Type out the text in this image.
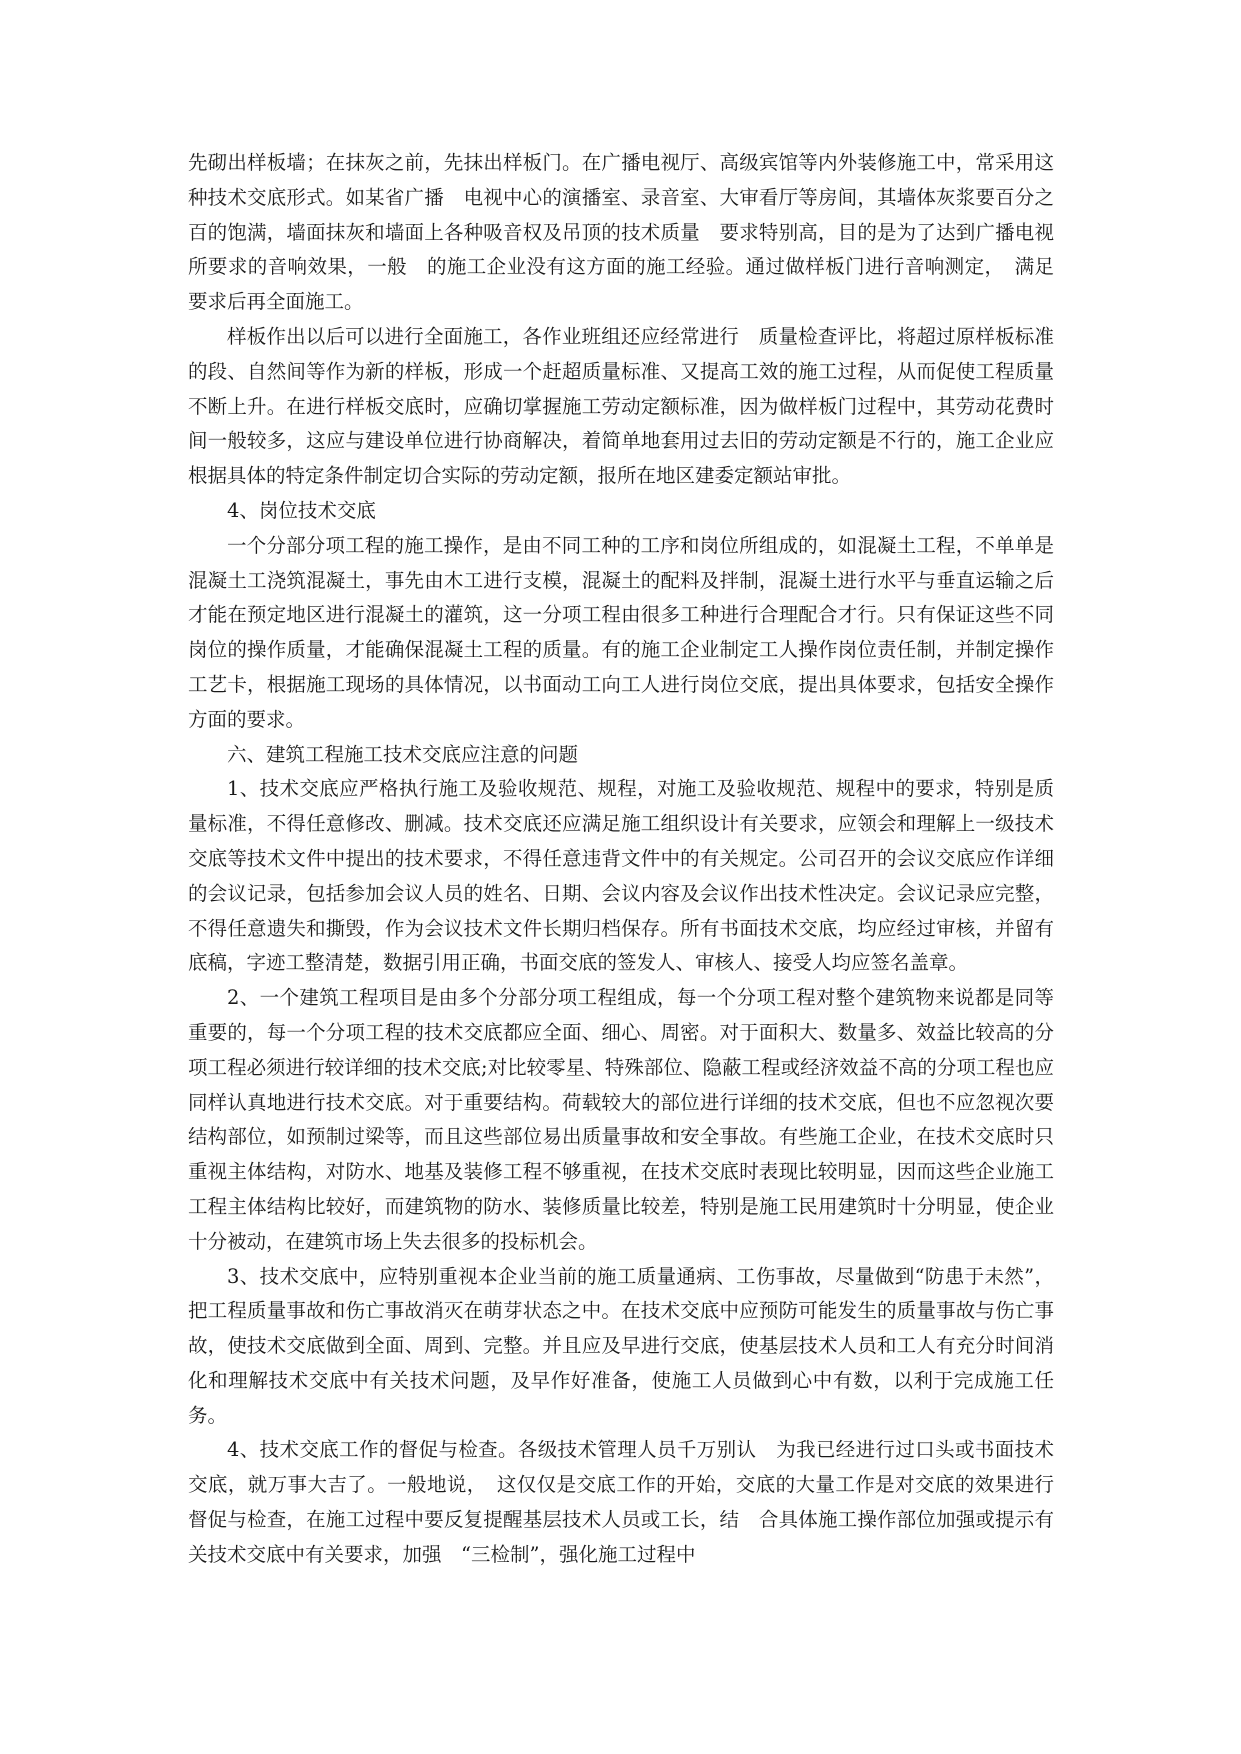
先砌出样板墙；在抹灰之前，先抹出样板门。在广播电视厅、高级宾馆等内外装修施工中，常采用这种技术交底形式。如某省广播　电视中心的演播室、录音室、大审看厅等房间，其墙体灰浆要百分之百的饱满，墙面抹灰和墙面上各种吸音权及吊顶的技术质量　要求特别高，目的是为了达到广播电视所要求的音响效果，一般　的施工企业没有这方面的施工经验。通过做样板门进行音响测定，　满足要求后再全面施工。

样板作出以后可以进行全面施工，各作业班组还应经常进行　质量检查评比，将超过原样板标准的段、自然间等作为新的样板，形成一个赶超质量标准、又提高工效的施工过程，从而促使工程质量不断上升。在进行样板交底时，应确切掌握施工劳动定额标准，因为做样板门过程中，其劳动花费时间一般较多，这应与建设单位进行协商解决，着简单地套用过去旧的劳动定额是不行的，施工企业应根据具体的特定条件制定切合实际的劳动定额，报所在地区建委定额站审批。

4、岗位技术交底

一个分部分项工程的施工操作，是由不同工种的工序和岗位所组成的，如混凝土工程，不单单是混凝土工浇筑混凝土，事先由木工进行支模，混凝土的配料及拌制，混凝土进行水平与垂直运输之后才能在预定地区进行混凝土的灌筑，这一分项工程由很多工种进行合理配合才行。只有保证这些不同岗位的操作质量，才能确保混凝土工程的质量。有的施工企业制定工人操作岗位责任制，并制定操作工艺卡，根据施工现场的具体情况，以书面动工向工人进行岗位交底，提出具体要求，包括安全操作方面的要求。

六、建筑工程施工技术交底应注意的问题

1、技术交底应严格执行施工及验收规范、规程，对施工及验收规范、规程中的要求，特别是质量标准，不得任意修改、删减。技术交底还应满足施工组织设计有关要求，应领会和理解上一级技术交底等技术文件中提出的技术要求，不得任意违背文件中的有关规定。公司召开的会议交底应作详细的会议记录，包括参加会议人员的姓名、日期、会议内容及会议作出技术性决定。会议记录应完整，不得任意遗失和撕毁，作为会议技术文件长期归档保存。所有书面技术交底，均应经过审核，并留有底稿，字迹工整清楚，数据引用正确，书面交底的签发人、审核人、接受人均应签名盖章。

2、一个建筑工程项目是由多个分部分项工程组成，每一个分项工程对整个建筑物来说都是同等重要的，每一个分项工程的技术交底都应全面、细心、周密。对于面积大、数量多、效益比较高的分项工程必须进行较详细的技术交底;对比较零星、特殊部位、隐蔽工程或经济效益不高的分项工程也应同样认真地进行技术交底。对于重要结构。荷载较大的部位进行详细的技术交底，但也不应忽视次要结构部位，如预制过梁等，而且这些部位易出质量事故和安全事故。有些施工企业，在技术交底时只重视主体结构，对防水、地基及装修工程不够重视，在技术交底时表现比较明显，因而这些企业施工工程主体结构比较好，而建筑物的防水、装修质量比较差，特别是施工民用建筑时十分明显，使企业十分被动，在建筑市场上失去很多的投标机会。

3、技术交底中，应特别重视本企业当前的施工质量通病、工伤事故，尽量做到“防患于未然”，把工程质量事故和伤亡事故消灭在萌芽状态之中。在技术交底中应预防可能发生的质量事故与伤亡事故，使技术交底做到全面、周到、完整。并且应及早进行交底，使基层技术人员和工人有充分时间消化和理解技术交底中有关技术问题，及早作好准备，使施工人员做到心中有数，以利于完成施工任务。

4、技术交底工作的督促与检查。各级技术管理人员千万别认　为我已经进行过口头或书面技术交底，就万事大吉了。一般地说，　这仅仅是交底工作的开始，交底的大量工作是对交底的效果进行　督促与检查，在施工过程中要反复提醒基层技术人员或工长，结　合具体施工操作部位加强或提示有关技术交底中有关要求，加强　“三检制”，强化施工过程中
